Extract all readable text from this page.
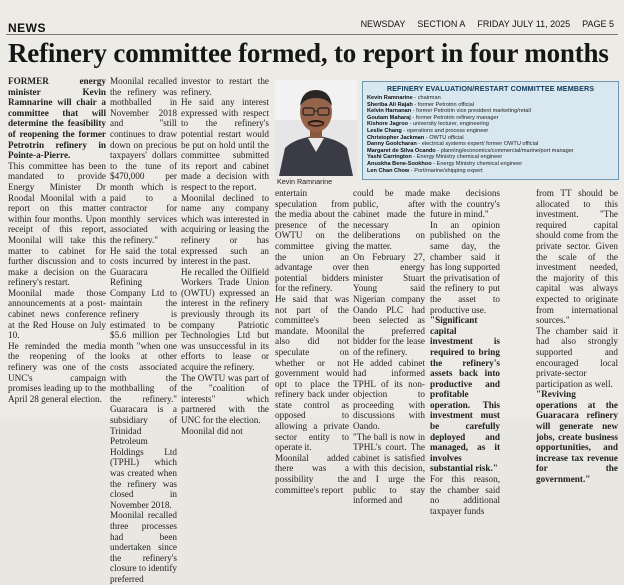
NEWS	NEWSDAY SECTION A FRIDAY JULY 11, 2025 PAGE 5
Refinery committee formed, to report in four months

FORMER energy minister Kevin Ramnarine will chair a committee that will determine the feasibility of reopening the former Petrotrin refinery in Pointe-a-Pierre.

This committee has been mandated to provide Energy Minister Dr Roodal Moonilal with a report on this matter within four months. Upon receipt of this report, Moonilal will take this matter to cabinet for further discussion and to make a decision on the refinery's restart.

Moonilal made those announcements at a post-cabinet news conference at the Red House on July 10.

He reminded the media the reopening of the refinery was one of the UNC's campaign promises leading up to the April 28 general election.

Moonilal recalled the refinery was mothballed in November 2018 and "still continues to draw down on precious taxpayers' dollars to the tune of $470,000 per month which is paid to a contractor for monthly services associated with the refinery."

He said the total costs incurred by Guaracara Refining Company Ltd to maintain the refinery is estimated to be $5.6 million per month "when one looks at other costs associated with the mothballing of the refinery." Guaracara is a subsidiary of Trinidad Petroleum Holdings Ltd (TPHL) which was created when the refinery was closed in November 2018.

Moonilal recalled three processes had been undertaken since the refinery's closure to identify preferred

investor to restart the refinery.

He said any interest expressed with respect to the refinery's potential restart would be put on hold until the committee submitted its report and cabinet made a decision with respect to the report.

Moonilal declined to name any company which was interested in acquiring or leasing the refinery or has expressed such an interest in the past.

He recalled the Oilfield Workers Trade Union (OWTU) expressed an interest in the refinery previously through its company Patriotic Technologies Ltd but was unsuccessful in its efforts to lease or acquire the refinery.

The OWTU was part of the "coalition of interests" which partnered with the UNC for the election.

Moonilal did not

Kevin Ramnarine
REFINERY EVALUATION/RESTART COMMITTEE MEMBERS
Kevin Ramnarine - chairman
Sheriba Ali Rajah - former Petrotrin official
Kelvin Harnanan - former Petrotrin vice president marketing/retail
Goutam Maharaj - former Petrotrin refinery manager
Kishore Jagroo - university lecturer, engineering
Leslie Chang - operations and process engineer
Christopher Jackman - OWTU official
Danny Goolcharan - electrical systems expert/ former OWTU official
Margaret de Silva Ocando - planning/economics/commercial/marine/port manager
Yashi Carrington - Energy Ministry chemical engineer
Anuskha Bene-Sookhoo - Energy Ministry chemical engineer
Len Chan Chow - Port/marine/shipping expert

entertain speculation from the media about the presence of the OWTU on the committee giving the union an advantage over potential bidders for the refinery.

He said that was not part of the committee's mandate. Moonilal also did not speculate on whether or not government would opt to place the refinery back under state control as opposed to allowing a private sector entity to operate it.

Moonilal added there was a possibility the committee's report

could be made public, after cabinet made the necessary deliberations on the matter.

On February 27, then energy minister Stuart Young said Nigerian company Oando PLC had been selected as the preferred bidder for the lease of the refinery.

He added cabinet had informed TPHL of its non-objection to proceeding with discussions with Oando.

"The ball is now in TPHL's court. The cabinet is satisfied with this decision, and I urge the public to stay informed and

make decisions with the country's future in mind."

In an opinion published on the same day, the chamber said it has long supported the privatisation of the refinery to put the asset to productive use.

"Significant capital investment is required to bring the refinery's assets back into productive and profitable operation. This investment must be carefully deployed and managed, as it involves substantial risk."

For this reason, the chamber said no additional taxpayer funds

from TT should be allocated to this investment. "The required capital should come from the private sector. Given the scale of the investment needed, the majority of this capital was always expected to originate from international sources."

The chamber said it had also strongly supported and encouraged local private-sector participation as well.

"Reviving operations at the Guaracara refinery will generate new jobs, create business opportunities, and increase tax revenue for the government."
